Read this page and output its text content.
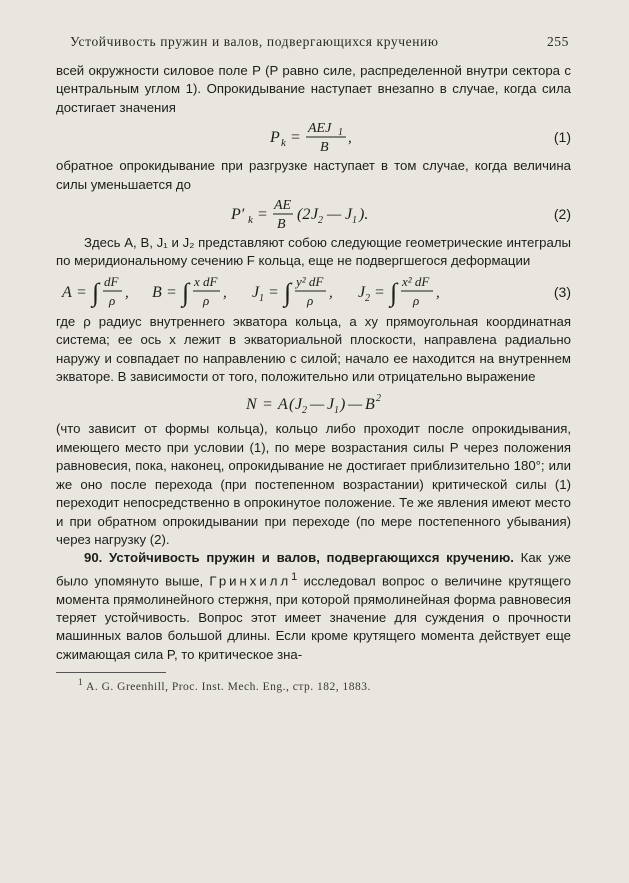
Устойчивость пружин и валов, подвергающихся кручению	255

всей окружности силовое поле P (P равно силе, распределенной внутри сектора с центральным углом 1). Опрокидывание наступает внезапно в случае, когда сила достигает значения

P k =
AEJ 1
B
,	(1)

обратное опрокидывание при разгрузке наступает в том случае, когда величина силы уменьшается до

P′ k =
AE
B
(2 J 2 — J 1 ).	(2)

Здесь A, B, J₁ и J₂ представляют собою следующие геометрические интегралы по меридиональному сечению F кольца, еще не подвергшегося деформации

A = ∫ dF
ρ , B = ∫ x dF
ρ , J 1 = ∫ y² dF
ρ , J 2 = ∫ x² dF
ρ ,	(3)

где ρ радиус внутреннего экватора кольца, а xy прямоугольная координатная система; ее ось x лежит в экваториальной плоскости, направлена радиально наружу и совпадает по направлению с силой; начало ее находится на внутреннем экваторе. В зависимости от того, положительно или отрицательно выражение

N = A ( J 2 — J 1 ) — B 2

(что зависит от формы кольца), кольцо либо проходит после опрокидывания, имеющего место при условии (1), по мере возрастания силы P через положения равновесия, пока, наконец, опрокидывание не достигает приблизительно 180°; или же оно после перехода (при постепенном возрастании) критической силы (1) переходит непосредственно в опрокинутое положение. Те же явления имеют место и при обратном опрокидывании при переходе (по мере постепенного убывания) через нагрузку (2).

90. Устойчивость пружин и валов, подвергающихся кручению. Как уже было упомянуто выше, Гринхилл$^1$ исследовал вопрос о величине крутящего момента прямолинейного стержня, при которой прямолинейная форма равновесия теряет устойчивость. Вопрос этот имеет значение для суждения о прочности машинных валов большой длины. Если кроме крутящего момента действует еще сжимающая сила P, то критическое зна-

$^1$ A. G. Greenhill, Proc. Inst. Mech. Eng., стр. 182, 1883.
